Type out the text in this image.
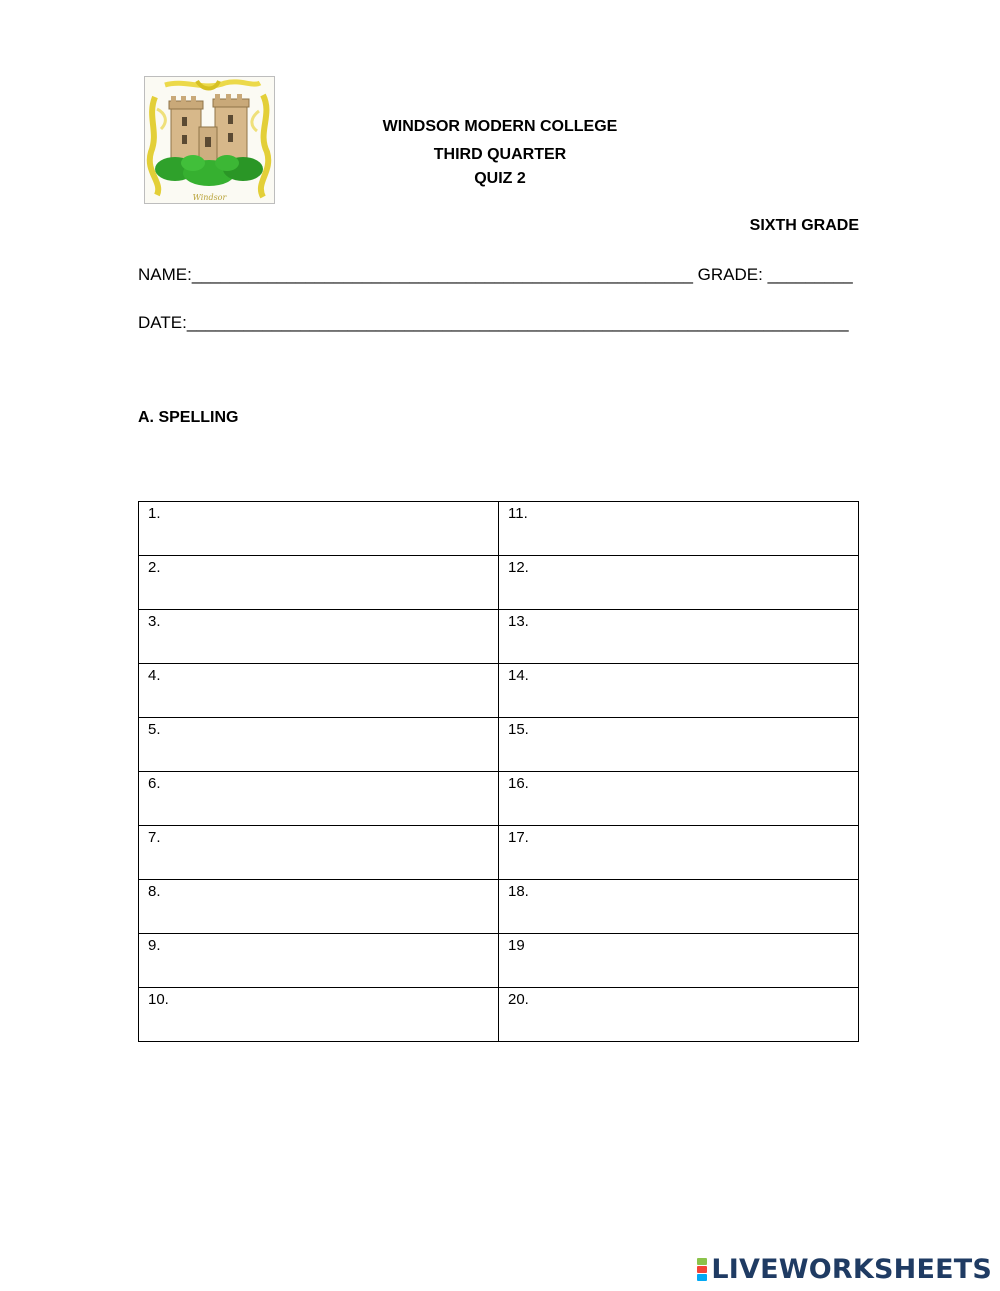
Windsor
WINDSOR MODERN COLLEGE
THIRD QUARTER
QUIZ 2
SIXTH GRADE
NAME:_____________________________________________________ GRADE: _________
DATE:______________________________________________________________________
A. SPELLING
1.	11.
2.	12.
3.	13.
4.	14.
5.	15.
6.	16.
7.	17.
8.	18.
9.	19
10.	20.
LIVEWORKSHEETS
